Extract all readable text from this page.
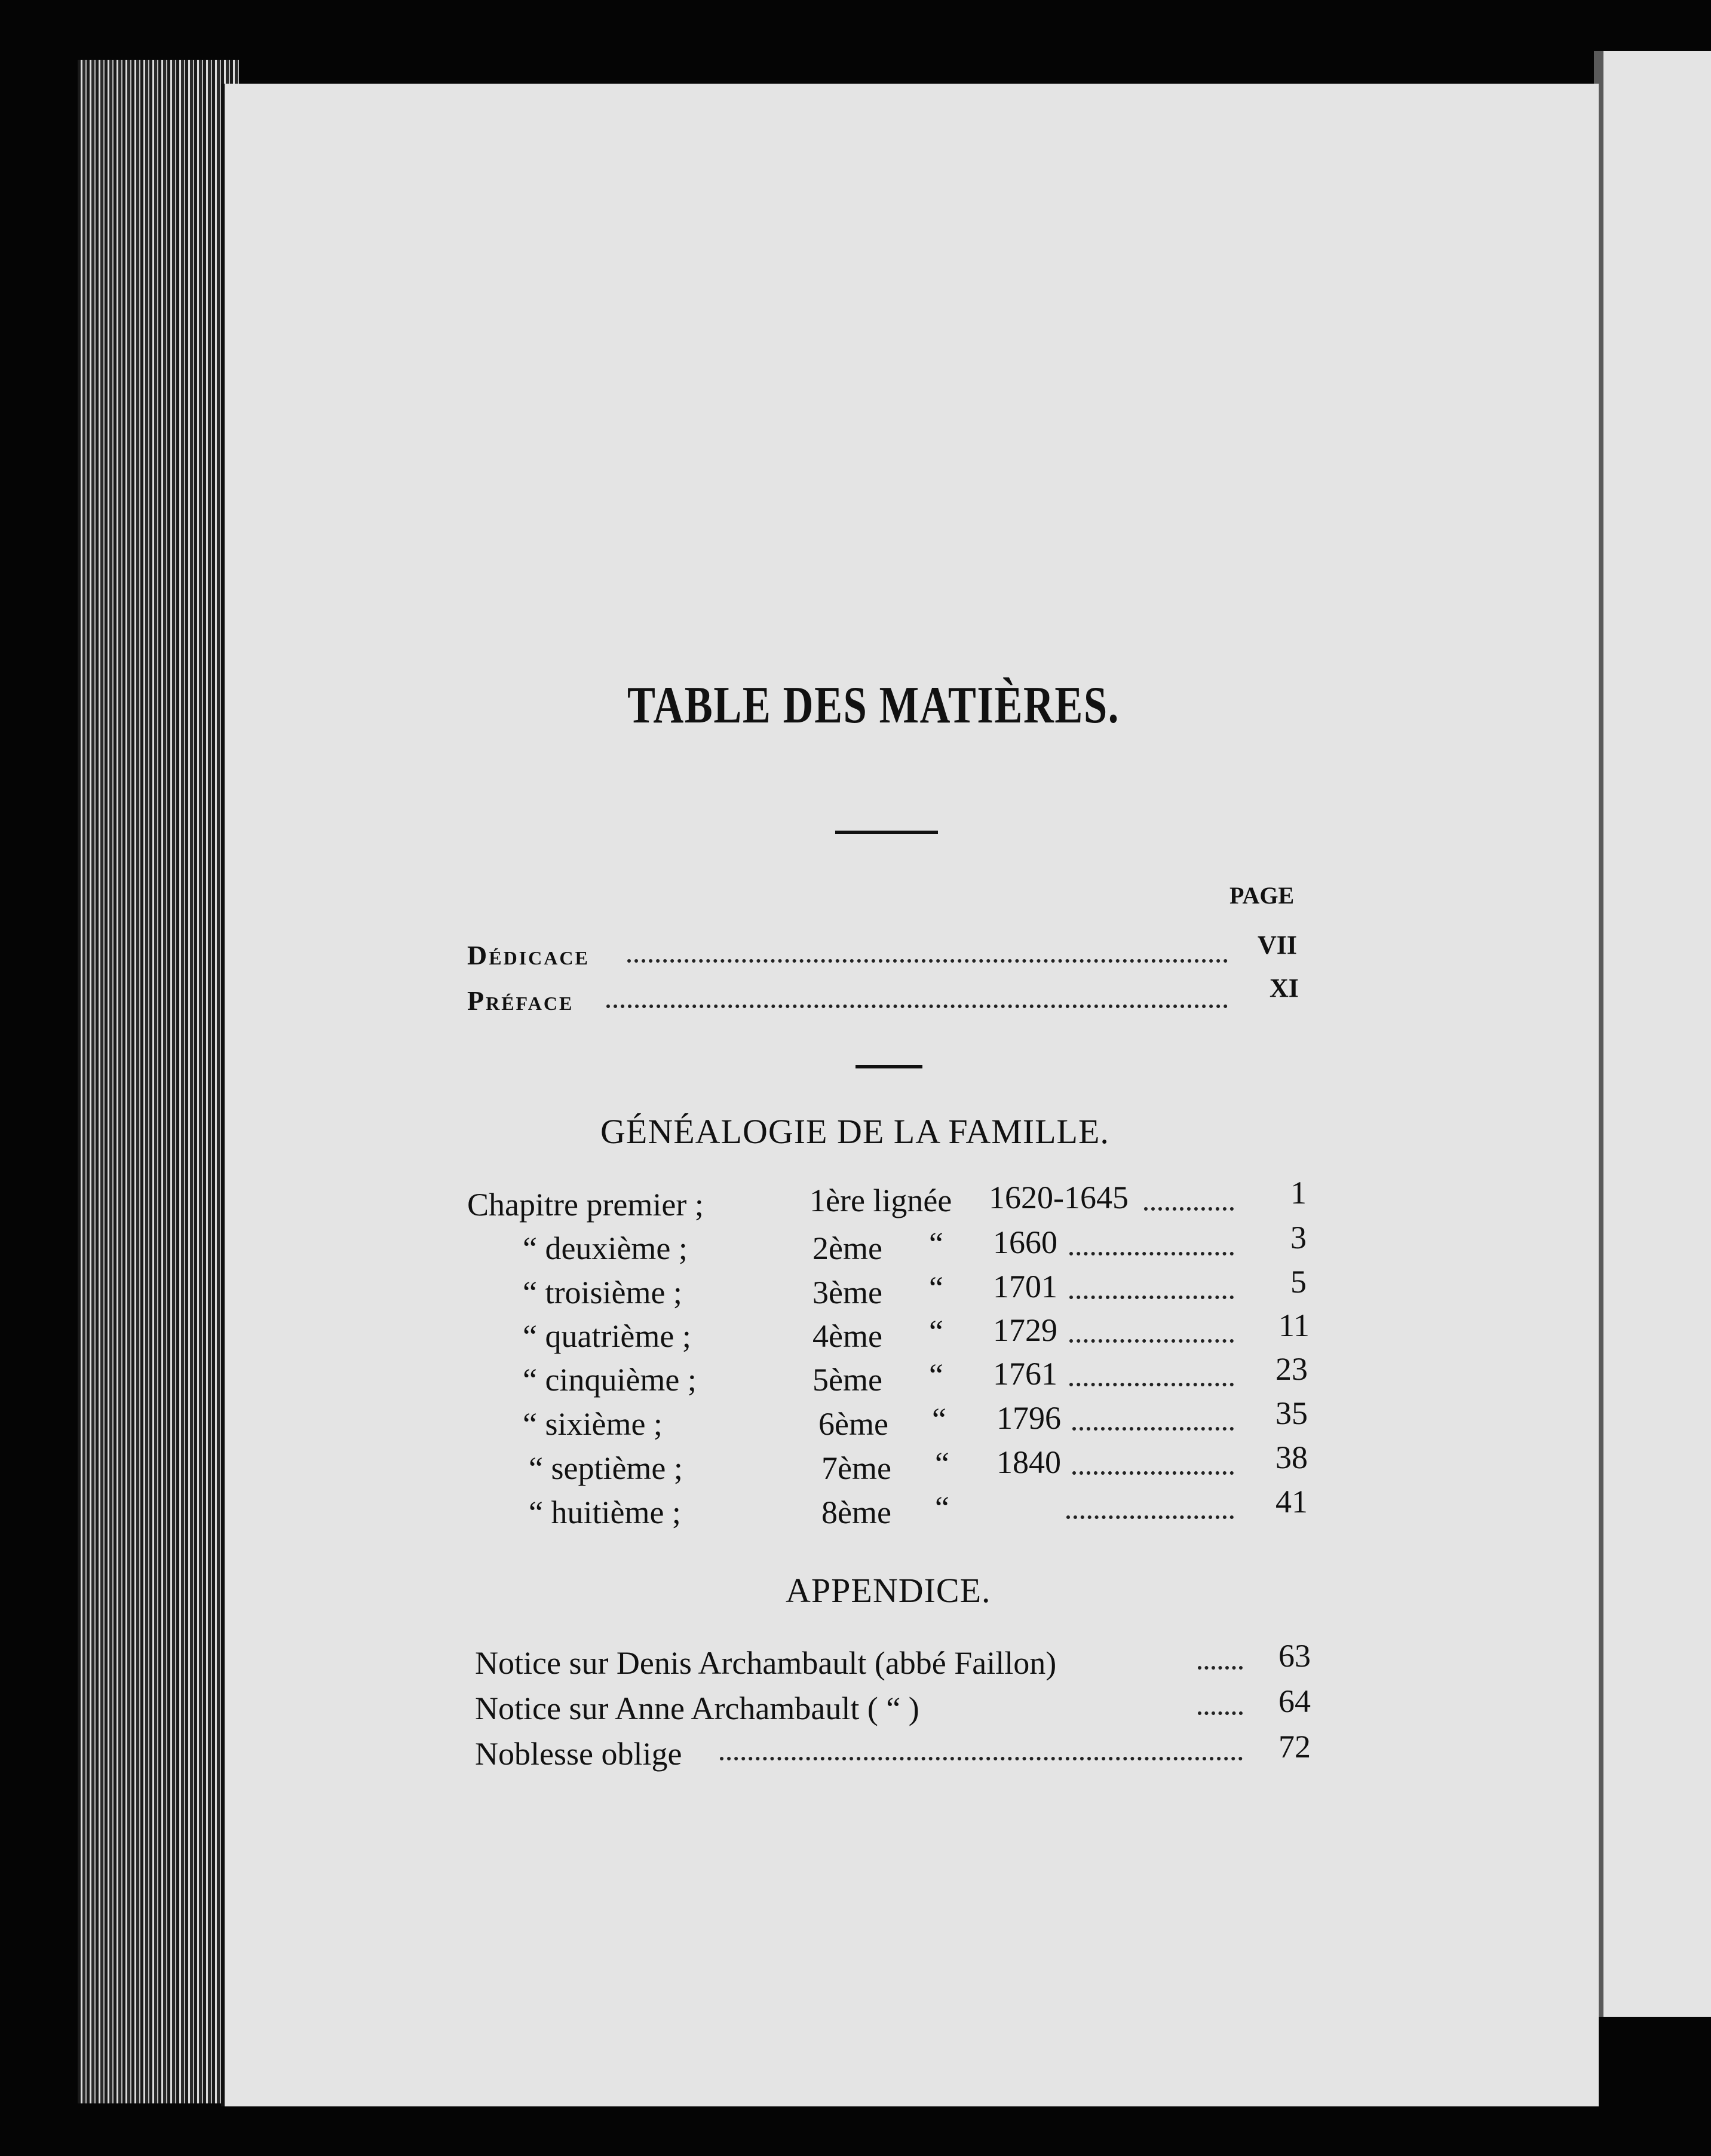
TABLE DES MATIÈRES.
PAGE
Dédicace	VII
Préface	XI
GÉNÉALOGIE DE LA FAMILLE.
Chapitre premier ;	1ère lignée 1620-1645	1
“ deuxième ;	2ème “ 1660	3
“ troisième ;	3ème “ 1701	5
“ quatrième ;	4ème “ 1729	11
“ cinquième ;	5ème “ 1761	23
“ sixième ;	6ème “ 1796	35
“ septième ;	7ème “ 1840	38
“ huitième ;	8ème “	41
APPENDICE.
Notice sur Denis Archambault (abbé Faillon)	63
Notice sur Anne Archambault ( “ )	64
Noblesse oblige	72
